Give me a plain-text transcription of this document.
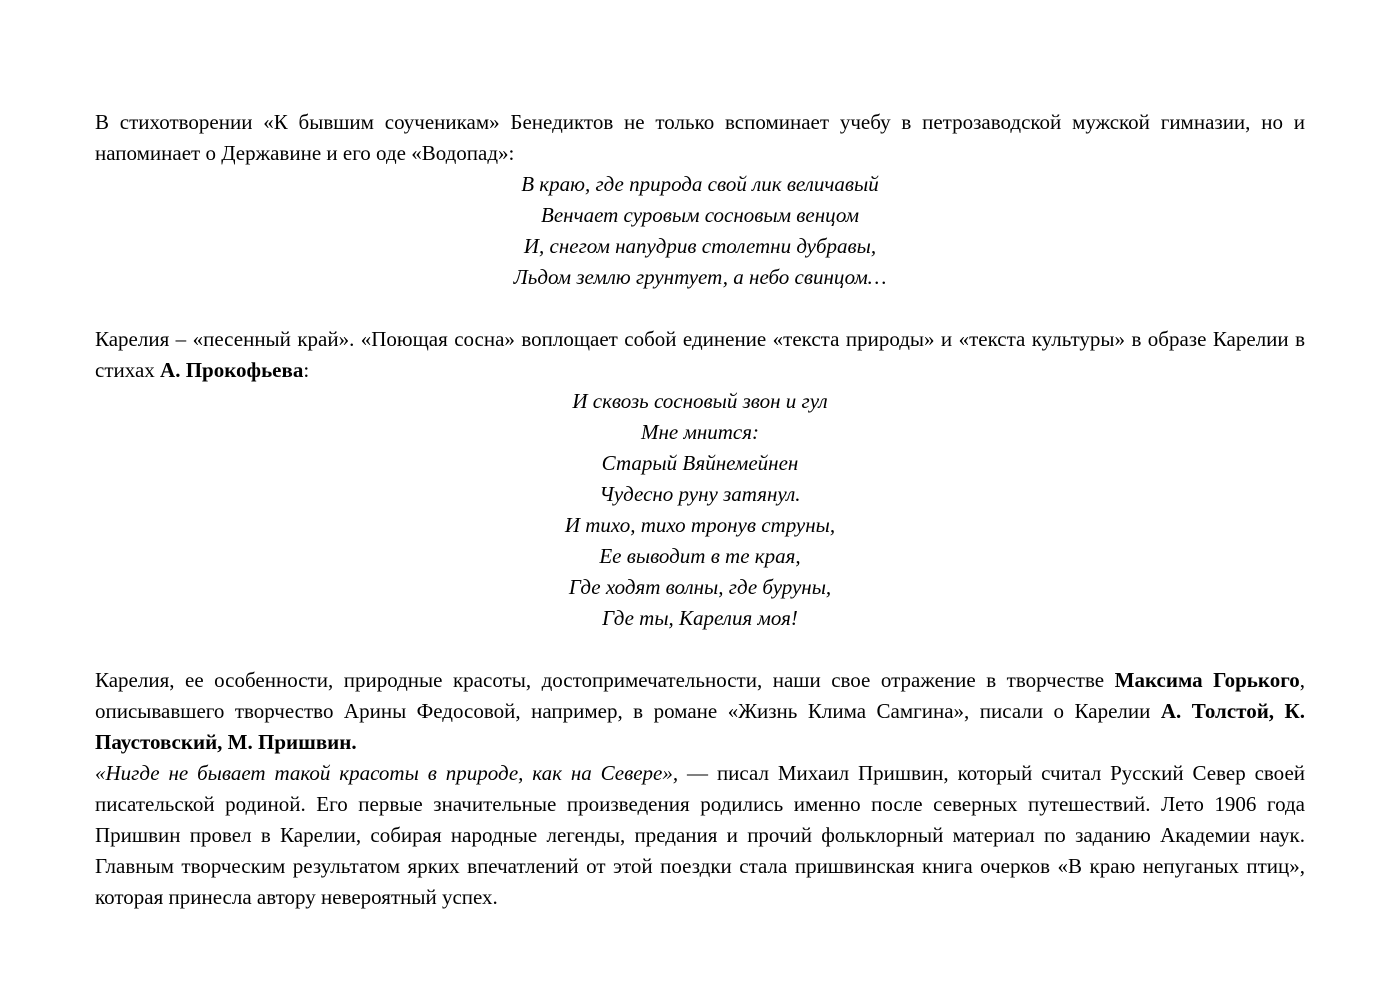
В стихотворении «К бывшим соученикам» Бенедиктов не только вспоминает учебу в петрозаводской мужской гимназии, но и напоминает о Державине и его оде «Водопад»:

В краю, где природа свой лик величавый
Венчает суровым сосновым венцом
И, снегом напудрив столетни дубравы,
Льдом землю грунтует, а небо свинцом…

Карелия – «песенный край». «Поющая сосна» воплощает собой единение «текста природы» и «текста культуры» в образе Карелии в стихах А. Прокофьева:

И сквозь сосновый звон и гул
Мне мнится:
Старый Вяйнемейнен
Чудесно руну затянул.
И тихо, тихо тронув струны,
Ее выводит в те края,
Где ходят волны, где буруны,
Где ты, Карелия моя!

Карелия, ее особенности, природные красоты, достопримечательности, наши свое отражение в творчестве Максима Горького, описывавшего творчество Арины Федосовой, например, в романе «Жизнь Клима Самгина», писали о Карелии А. Толстой, К. Паустовский, М. Пришвин.

«Нигде не бывает такой красоты в природе, как на Севере», — писал Михаил Пришвин, который считал Русский Север своей писательской родиной. Его первые значительные произведения родились именно после северных путешествий. Лето 1906 года Пришвин провел в Карелии, собирая народные легенды, предания и прочий фольклорный материал по заданию Академии наук. Главным творческим результатом ярких впечатлений от этой поездки стала пришвинская книга очерков «В краю непуганых птиц», которая принесла автору невероятный успех.
